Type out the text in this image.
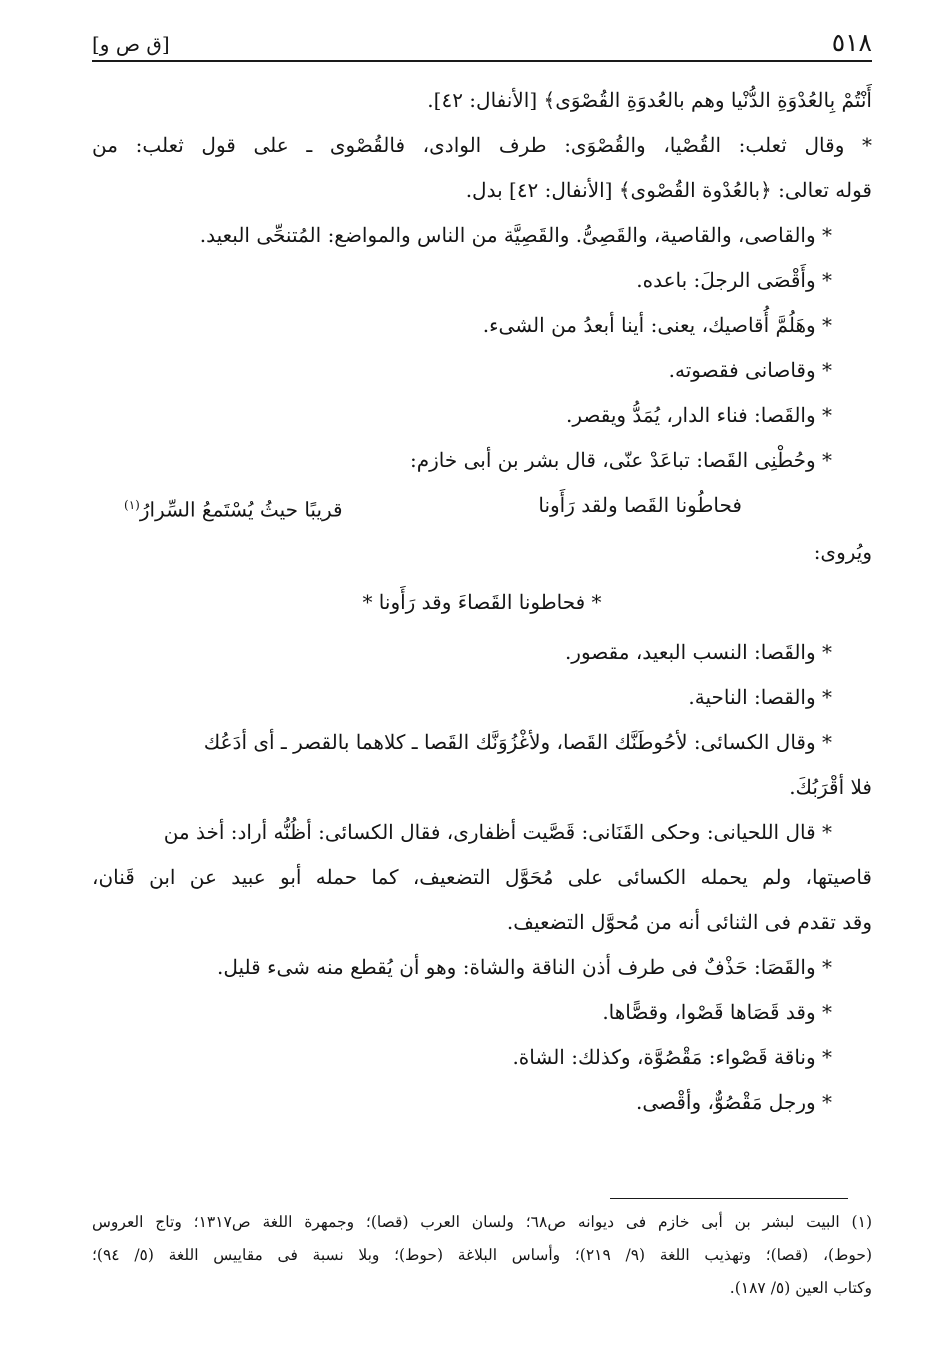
٥١٨
[ق ص و]
أَنْتُمْ بِالعُدْوَةِ الدُّنْيا وهم بالعُدوَةِ القُصْوَى﴾ [الأنفال: ٤٢].
* وقال ثعلب: القُصْيا، والقُصْوَى: طرف الوادى، فالقُصْوى ـ على قول ثعلب: من
قوله تعالى: ﴿بالعُدْوة القُصْوى﴾ [الأنفال: ٤٢] بدل.
* والقاصى، والقاصية، والقَصِىُّ. والقَصِيَّة من الناس والمواضع: المُتنحِّى البعيد.
* وأَقْصَى الرجلَ: باعده.
* وهَلُمَّ أُقاصيك، يعنى: أينا أبعدُ من الشىء.
* وقاصانى فقصوته.
* والقَصا: فناء الدار، يُمَدُّ ويقصر.
* وحُطْنِى القَصا: تباعَدْ عنّى، قال بشر بن أبى خازم:
فحاطُونا القَصا ولقد رَأَونا
قريبًا حيثُ يُسْتَمعُ السِّرارُ$^{(١)}$
ويُروى:
* فحاطونا القَصاءَ وقد رَأَونا *
* والقَصا: النسب البعيد، مقصور.
* والقصا: الناحية.
* وقال الكسائى: لأحُوطَنَّك القَصا، ولأغْزُوَنَّك القَصا ـ كلاهما بالقصر ـ أى أدَعُك
فلا أقْرَبُكَ.
* قال اللحيانى: وحكى القَنَانى: قَصَّيت أظفارى، فقال الكسائى: أظُنُّه أراد: أخذ من
قاصيتها، ولم يحمله الكسائى على مُحَوَّل التضعيف، كما حمله أبو عبيد عن ابن قَنان،
وقد تقدم فى الثنائى أنه من مُحوَّل التضعيف.
* والقَصَا: حَذْفٌ فى طرف أذن الناقة والشاة: وهو أن يُقطع منه شىء قليل.
* وقد قَصَاها قَصْوا، وقصًّاها.
* وناقة قَصْواء: مَقْصُوَّة، وكذلك: الشاة.
* ورجل مَقْصُوٌّ، وأقْصى.
(١) البيت لبشر بن أبى خازم فى ديوانه ص٦٨؛ ولسان العرب (قصا)؛ وجمهرة اللغة ص١٣١٧؛ وتاج العروس
(حوط)، (قصا)؛ وتهذيب اللغة (٩/ ٢١٩)؛ وأساس البلاغة (حوط)؛ وبلا نسبة فى مقاييس اللغة (٥/ ٩٤)؛
وكتاب العين (٥/ ١٨٧).
